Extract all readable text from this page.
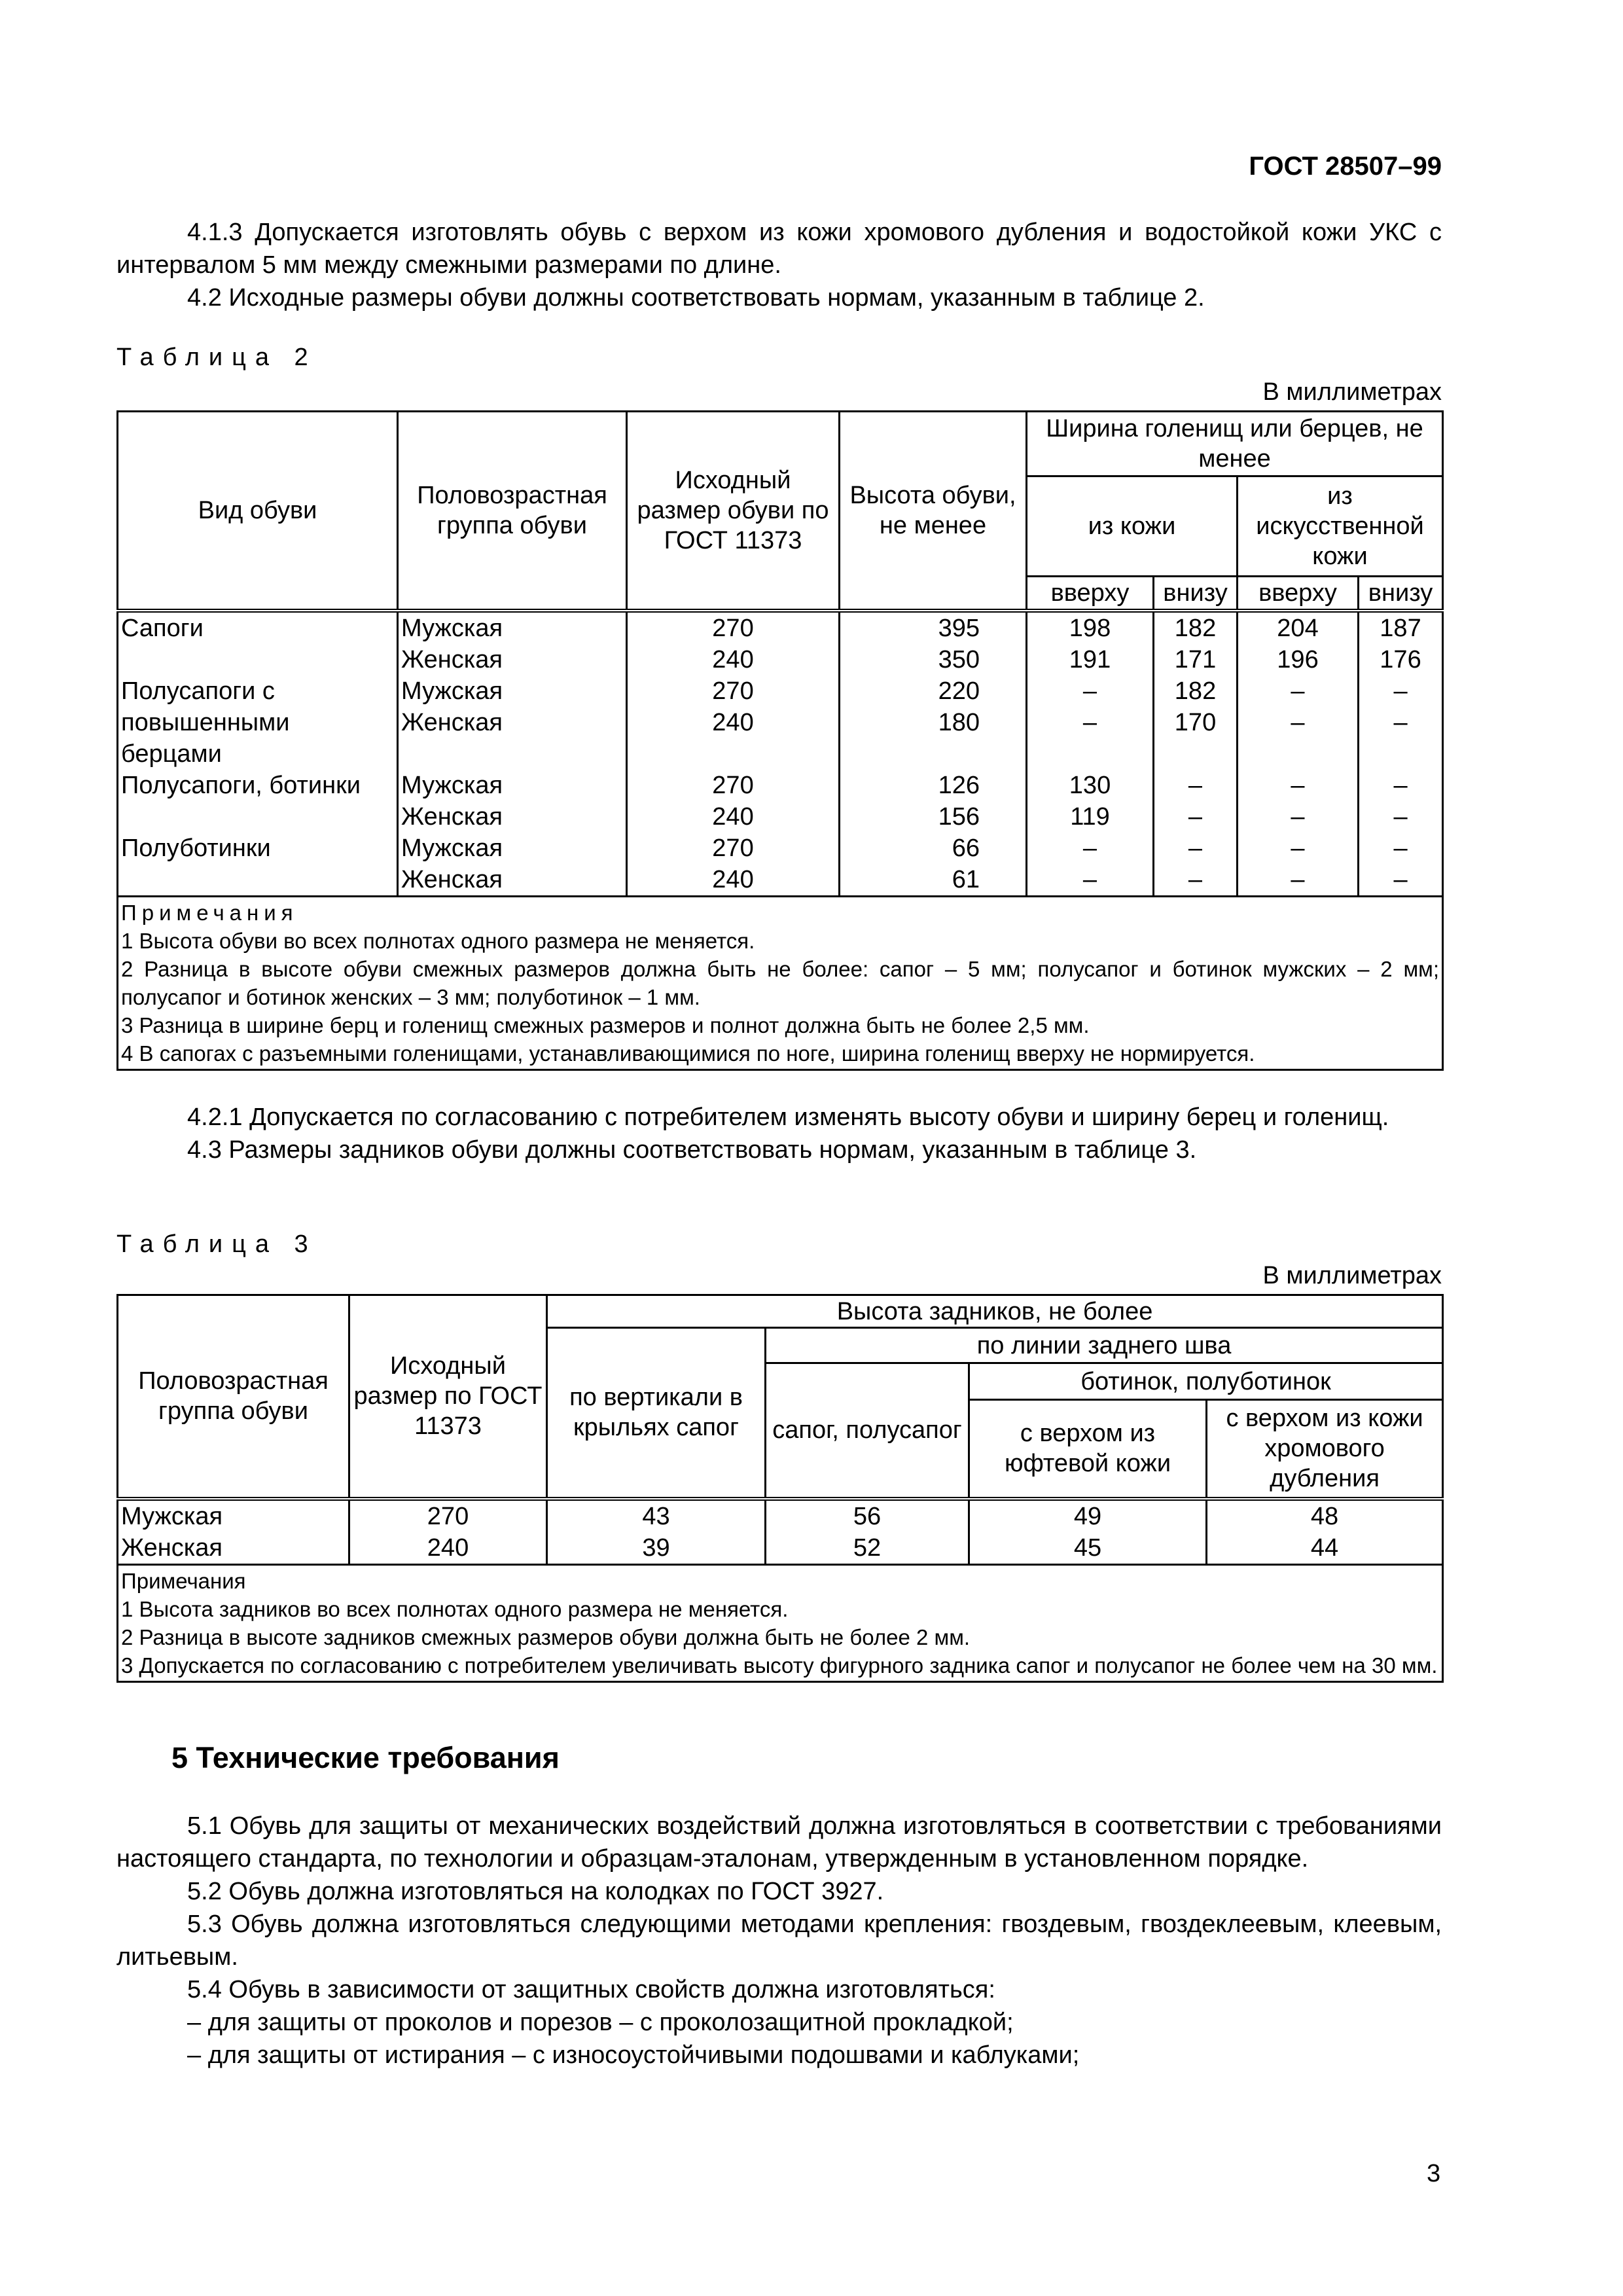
ГОСТ 28507–99

4.1.3 Допускается изготовлять обувь с верхом из кожи хромового дубления и водостойкой кожи УКС с интервалом 5 мм между смежными размерами по длине.

4.2 Исходные размеры обуви должны соответствовать нормам, указанным в таблице 2.

Таблица 2
В миллиметрах
Вид обуви	Половозрастная группа обуви	Исходный размер обуви по ГОСТ 11373	Высота обуви, не менее	Ширина голенищ или берцев, не менее			
				из кожи		из искусственной кожи	
				вверху	внизу	вверху	внизу
Сапоги	Мужская	270	395	198	182	204	187
	Женская	240	350	191	171	196	176
Полусапоги с
повышенными
берцами	Мужская	270	220	–	182	–	–
	Женская	240	180	–	170	–	–

Полусапоги, ботинки	Мужская	270	126	130	–	–	–
	Женская	240	156	119	–	–	–
Полуботинки	Мужская	270	66	–	–	–	–
	Женская	240	61	–	–	–	–

Примечания
1 Высота обуви во всех полнотах одного размера не меняется.
2 Разница в высоте обуви смежных размеров должна быть не более: сапог – 5 мм; полусапог и ботинок мужских – 2 мм; полусапог и ботинок женских – 3 мм; полуботинок – 1 мм.
3 Разница в ширине берц и голенищ смежных размеров и полнот должна быть не более 2,5 мм.
4 В сапогах с разъемными голенищами, устанавливающимися по ноге, ширина голенищ вверху не нормируется.							

4.2.1 Допускается по согласованию с потребителем изменять высоту обуви и ширину берец и голенищ.

4.3 Размеры задников обуви должны соответствовать нормам, указанным в таблице 3.

Таблица 3
В миллиметрах
Половозрастная группа обуви	Исходный размер по ГОСТ 11373	Высота задников, не более			
		по вертикали в крыльях сапог	по линии заднего шва		
			сапог, полусапог	ботинок, полуботинок	
				с верхом из юфтевой кожи	с верхом из кожи хромового дубления
Мужская	270	43	56	49	48
Женская	240	39	52	45	44

Примечания
1 Высота задников во всех полнотах одного размера не меняется.
2 Разница в высоте задников смежных размеров обуви должна быть не более 2 мм.
3 Допускается по согласованию с потребителем увеличивать высоту фигурного задника сапог и полусапог не более чем на 30 мм.					
5 Технические требования

5.1 Обувь для защиты от механических воздействий должна изготовляться в соответствии с требованиями настоящего стандарта, по технологии и образцам-эталонам, утвержденным в установленном порядке.

5.2 Обувь должна изготовляться на колодках по ГОСТ 3927.

5.3 Обувь должна изготовляться следующими методами крепления: гвоздевым, гвоздеклеевым, клеевым, литьевым.

5.4 Обувь в зависимости от защитных свойств должна изготовляться:

– для защиты от проколов и порезов – с проколозащитной прокладкой;

– для защиты от истирания – с износоустойчивыми подошвами и каблуками;

3
